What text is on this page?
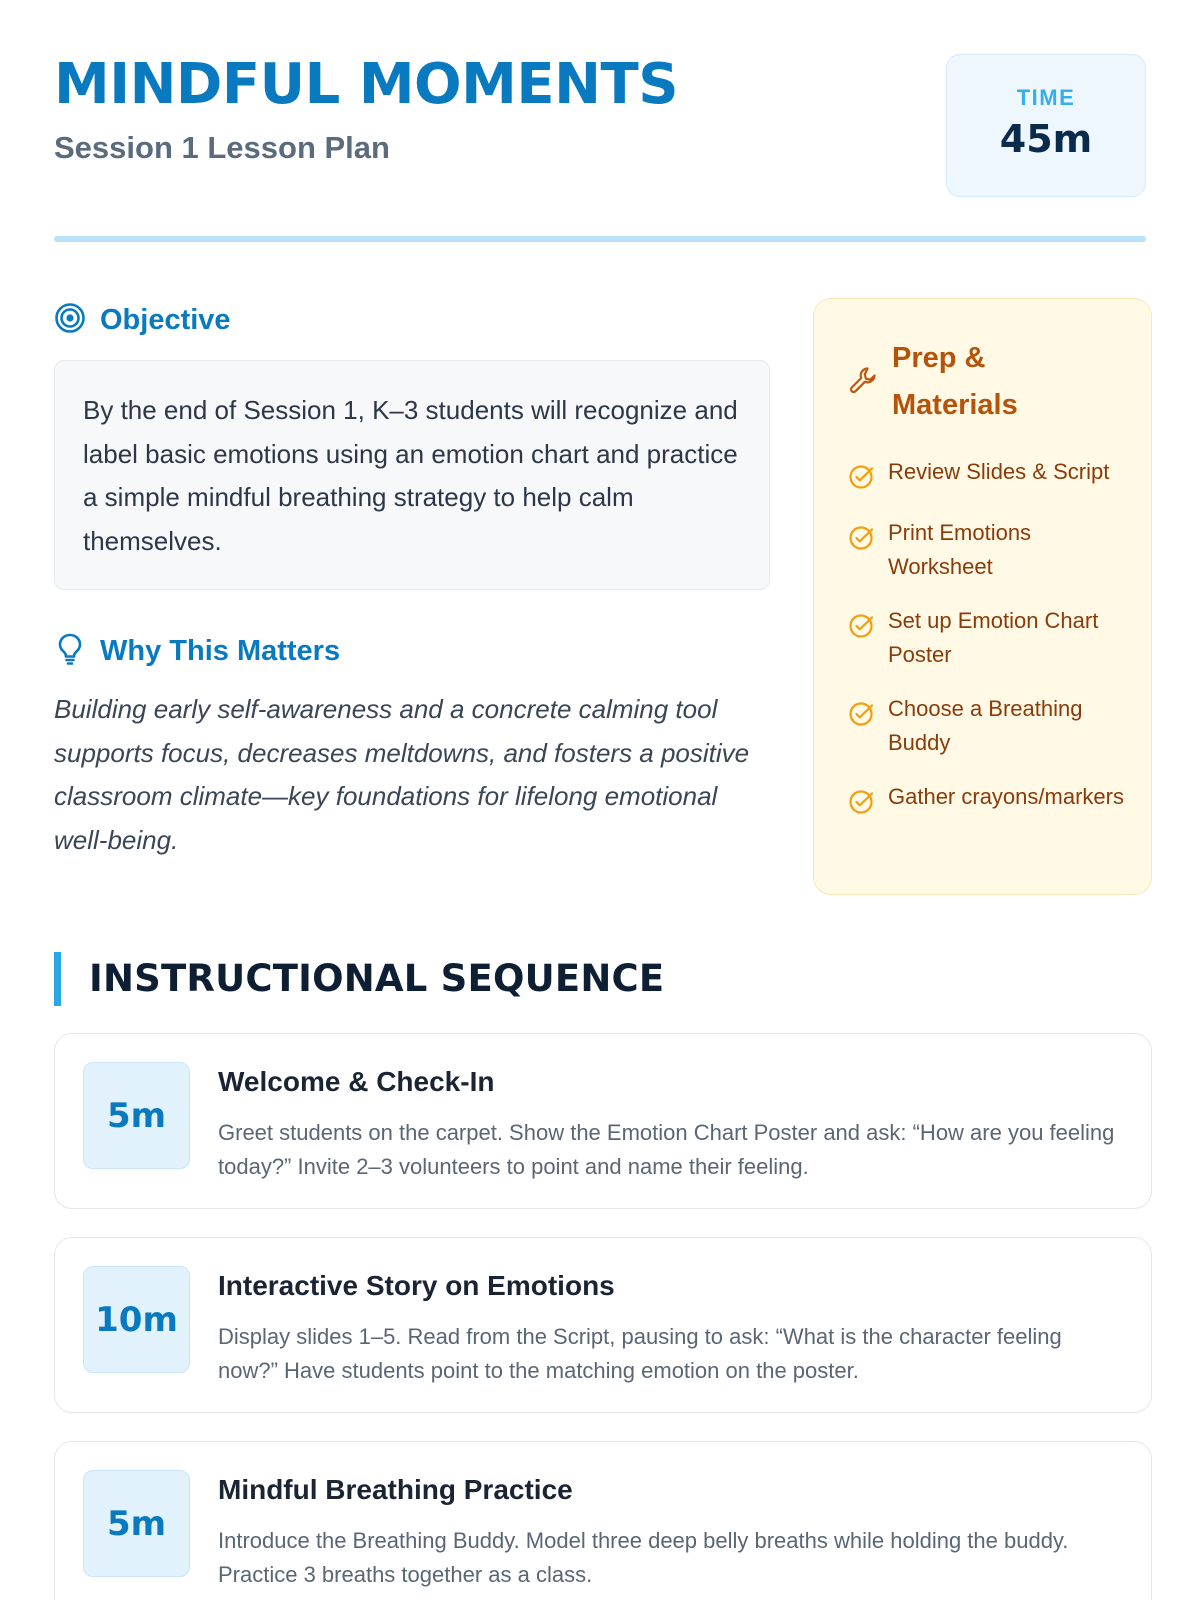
MINDFUL MOMENTS
Session 1 Lesson Plan
TIME
45m
Objective
By the end of Session 1, K–3 students will recognize and label basic emotions using an emotion chart and practice a simple mindful breathing strategy to help calm themselves.
Why This Matters
Building early self-awareness and a concrete calming tool supports focus, decreases meltdowns, and fosters a positive classroom climate—key foundations for lifelong emotional well-being.
Prep &
Materials
Review Slides & Script
Print Emotions Worksheet
Set up Emotion Chart Poster
Choose a Breathing Buddy
Gather crayons/markers
INSTRUCTIONAL SEQUENCE
5m
Welcome & Check-In
Greet students on the carpet. Show the Emotion Chart Poster and ask: “How are you feeling today?” Invite 2–3 volunteers to point and name their feeling.
10m
Interactive Story on Emotions
Display slides 1–5. Read from the Script, pausing to ask: “What is the character feeling now?” Have students point to the matching emotion on the poster.
5m
Mindful Breathing Practice
Introduce the Breathing Buddy. Model three deep belly breaths while holding the buddy. Practice 3 breaths together as a class.
